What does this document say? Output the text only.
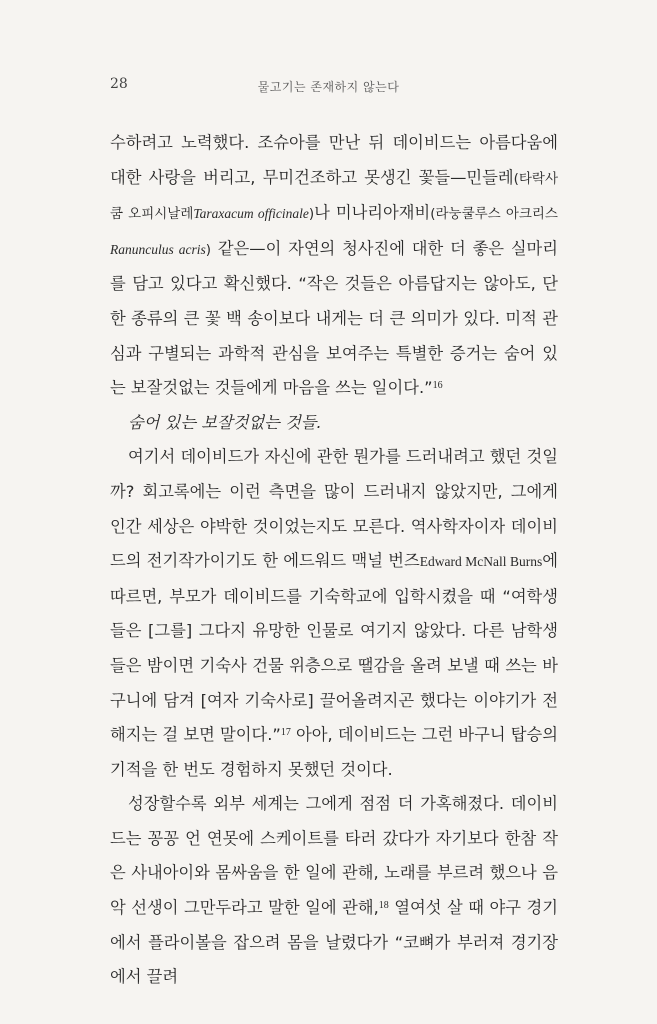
28	물고기는 존재하지 않는다

수하려고 노력했다. 조슈아를 만난 뒤 데이비드는 아름다움에 대한 사랑을 버리고, 무미건조하고 못생긴 꽃들—민들레(타락사쿰 오피시날레Taraxacum officinale)나 미나리아재비(라눙쿨루스 아크리스 Ranunculus acris) 같은—이 자연의 청사진에 대한 더 좋은 실마리를 담고 있다고 확신했다. “작은 것들은 아름답지는 않아도, 단 한 종류의 큰 꽃 백 송이보다 내게는 더 큰 의미가 있다. 미적 관심과 구별되는 과학적 관심을 보여주는 특별한 증거는 숨어 있는 보잘것없는 것들에게 마음을 쓰는 일이다.”$^{16}$

숨어 있는 보잘것없는 것들.

여기서 데이비드가 자신에 관한 뭔가를 드러내려고 했던 것일까? 회고록에는 이런 측면을 많이 드러내지 않았지만, 그에게 인간 세상은 야박한 것이었는지도 모른다. 역사학자이자 데이비드의 전기작가이기도 한 에드워드 맥널 번즈Edward McNall Burns에 따르면, 부모가 데이비드를 기숙학교에 입학시켰을 때 “여학생들은 [그를] 그다지 유망한 인물로 여기지 않았다. 다른 남학생들은 밤이면 기숙사 건물 위층으로 땔감을 올려 보낼 때 쓰는 바구니에 담겨 [여자 기숙사로] 끌어올려지곤 했다는 이야기가 전해지는 걸 보면 말이다.”$^{17}$ 아아, 데이비드는 그런 바구니 탑승의 기적을 한 번도 경험하지 못했던 것이다.

성장할수록 외부 세계는 그에게 점점 더 가혹해졌다. 데이비드는 꽁꽁 언 연못에 스케이트를 타러 갔다가 자기보다 한참 작은 사내아이와 몸싸움을 한 일에 관해, 노래를 부르려 했으나 음악 선생이 그만두라고 말한 일에 관해,$^{18}$ 열여섯 살 때 야구 경기에서 플라이볼을 잡으려 몸을 날렸다가 “코뼈가 부러져 경기장에서 끌려
